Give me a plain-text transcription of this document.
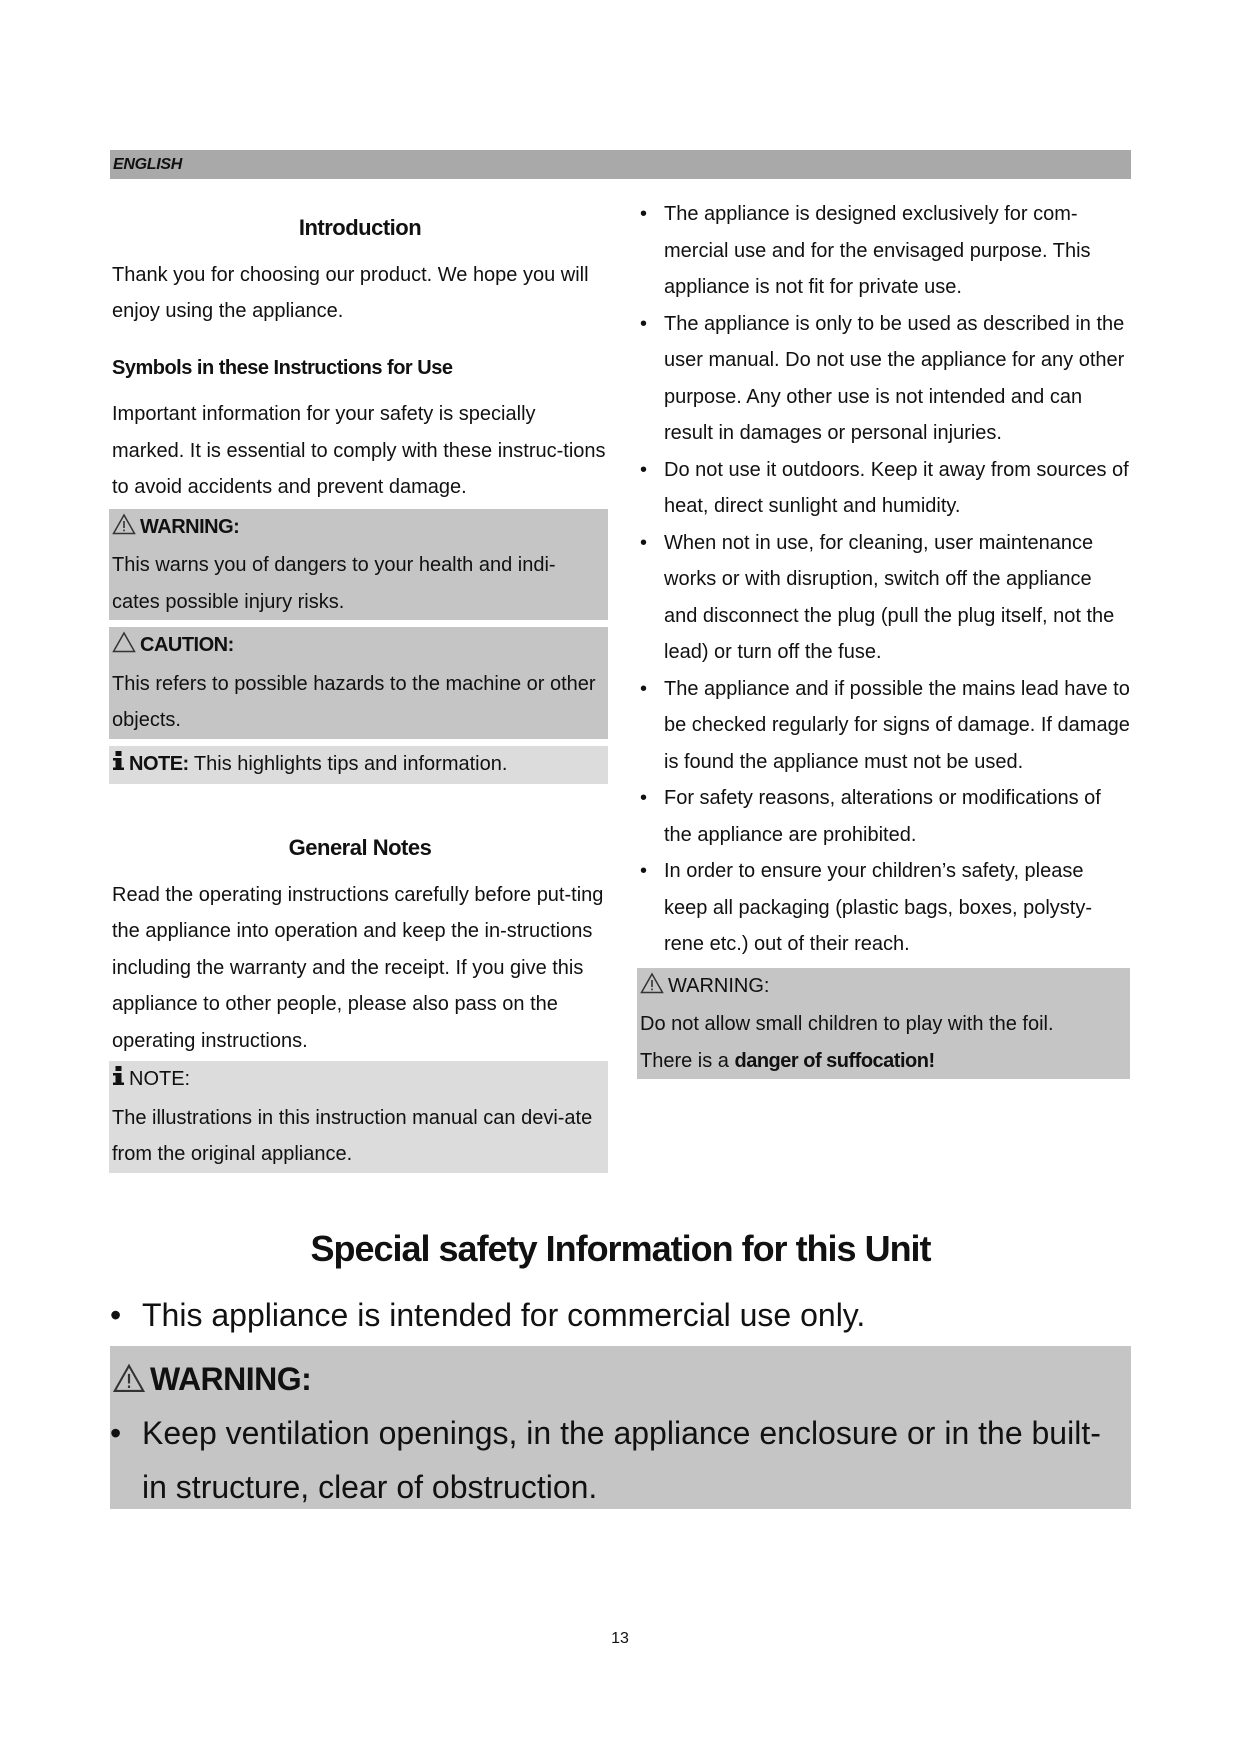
ENGLISH
Introduction

Thank you for choosing our product. We hope you will enjoy using the appliance.

Symbols in these Instructions for Use

Important information for your safety is specially marked. It is essential to comply with these instruc-tions to avoid accidents and prevent damage.

WARNING:
This warns you of dangers to your health and indi-cates possible injury risks.
CAUTION:
This refers to possible hazards to the machine or other objects.
NOTE: This highlights tips and information.
General Notes

Read the operating instructions carefully before put-ting the appliance into operation and keep the in-structions including the warranty and the receipt. If you give this appliance to other people, please also pass on the operating instructions.

NOTE:
The illustrations in this instruction manual can devi-ate from the original appliance.
• The appliance is designed exclusively for com-mercial use and for the envisaged purpose. This appliance is not fit for private use.
• The appliance is only to be used as described in the user manual. Do not use the appliance for any other purpose. Any other use is not intended and can result in damages or personal injuries.
• Do not use it outdoors. Keep it away from sources of heat, direct sunlight and humidity.
• When not in use, for cleaning, user maintenance works or with disruption, switch off the appliance and disconnect the plug (pull the plug itself, not the lead) or turn off the fuse.
• The appliance and if possible the mains lead have to be checked regularly for signs of damage. If damage is found the appliance must not be used.
• For safety reasons, alterations or modifications of the appliance are prohibited.
• In order to ensure your children’s safety, please keep all packaging (plastic bags, boxes, polysty-rene etc.) out of their reach.
WARNING:
Do not allow small children to play with the foil.
There is a danger of suffocation!
Special safety Information for this Unit
• This appliance is intended for commercial use only.
WARNING:
• Keep ventilation openings, in the appliance enclosure or in the built-in structure, clear of obstruction.
13
